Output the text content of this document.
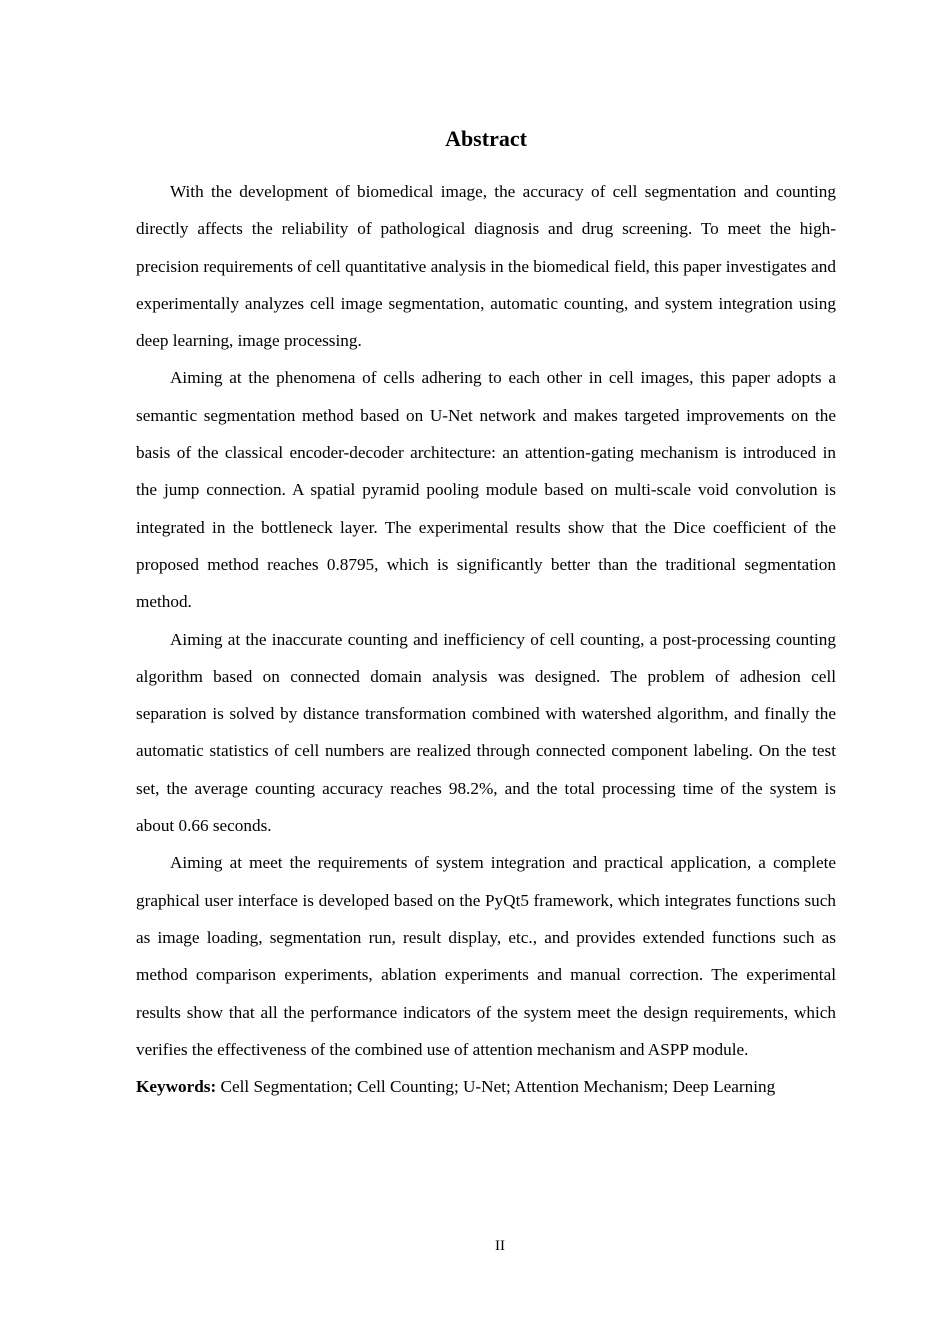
Abstract

With the development of biomedical image, the accuracy of cell segmentation and counting directly affects the reliability of pathological diagnosis and drug screening. To meet the high-precision requirements of cell quantitative analysis in the biomedical field, this paper investigates and experimentally analyzes cell image segmentation, automatic counting, and system integration using deep learning, image processing.

Aiming at the phenomena of cells adhering to each other in cell images, this paper adopts a semantic segmentation method based on U-Net network and makes targeted improvements on the basis of the classical encoder-decoder architecture: an attention-gating mechanism is introduced in the jump connection. A spatial pyramid pooling module based on multi-scale void convolution is integrated in the bottleneck layer. The experimental results show that the Dice coefficient of the proposed method reaches 0.8795, which is significantly better than the traditional segmentation method.

Aiming at the inaccurate counting and inefficiency of cell counting, a post-processing counting algorithm based on connected domain analysis was designed. The problem of adhesion cell separation is solved by distance transformation combined with watershed algorithm, and finally the automatic statistics of cell numbers are realized through connected component labeling. On the test set, the average counting accuracy reaches 98.2%, and the total processing time of the system is about 0.66 seconds.

Aiming at meet the requirements of system integration and practical application, a complete graphical user interface is developed based on the PyQt5 framework, which integrates functions such as image loading, segmentation run, result display, etc., and provides extended functions such as method comparison experiments, ablation experiments and manual correction. The experimental results show that all the performance indicators of the system meet the design requirements, which verifies the effectiveness of the combined use of attention mechanism and ASPP module.

Keywords: Cell Segmentation; Cell Counting; U-Net; Attention Mechanism; Deep Learning

II
